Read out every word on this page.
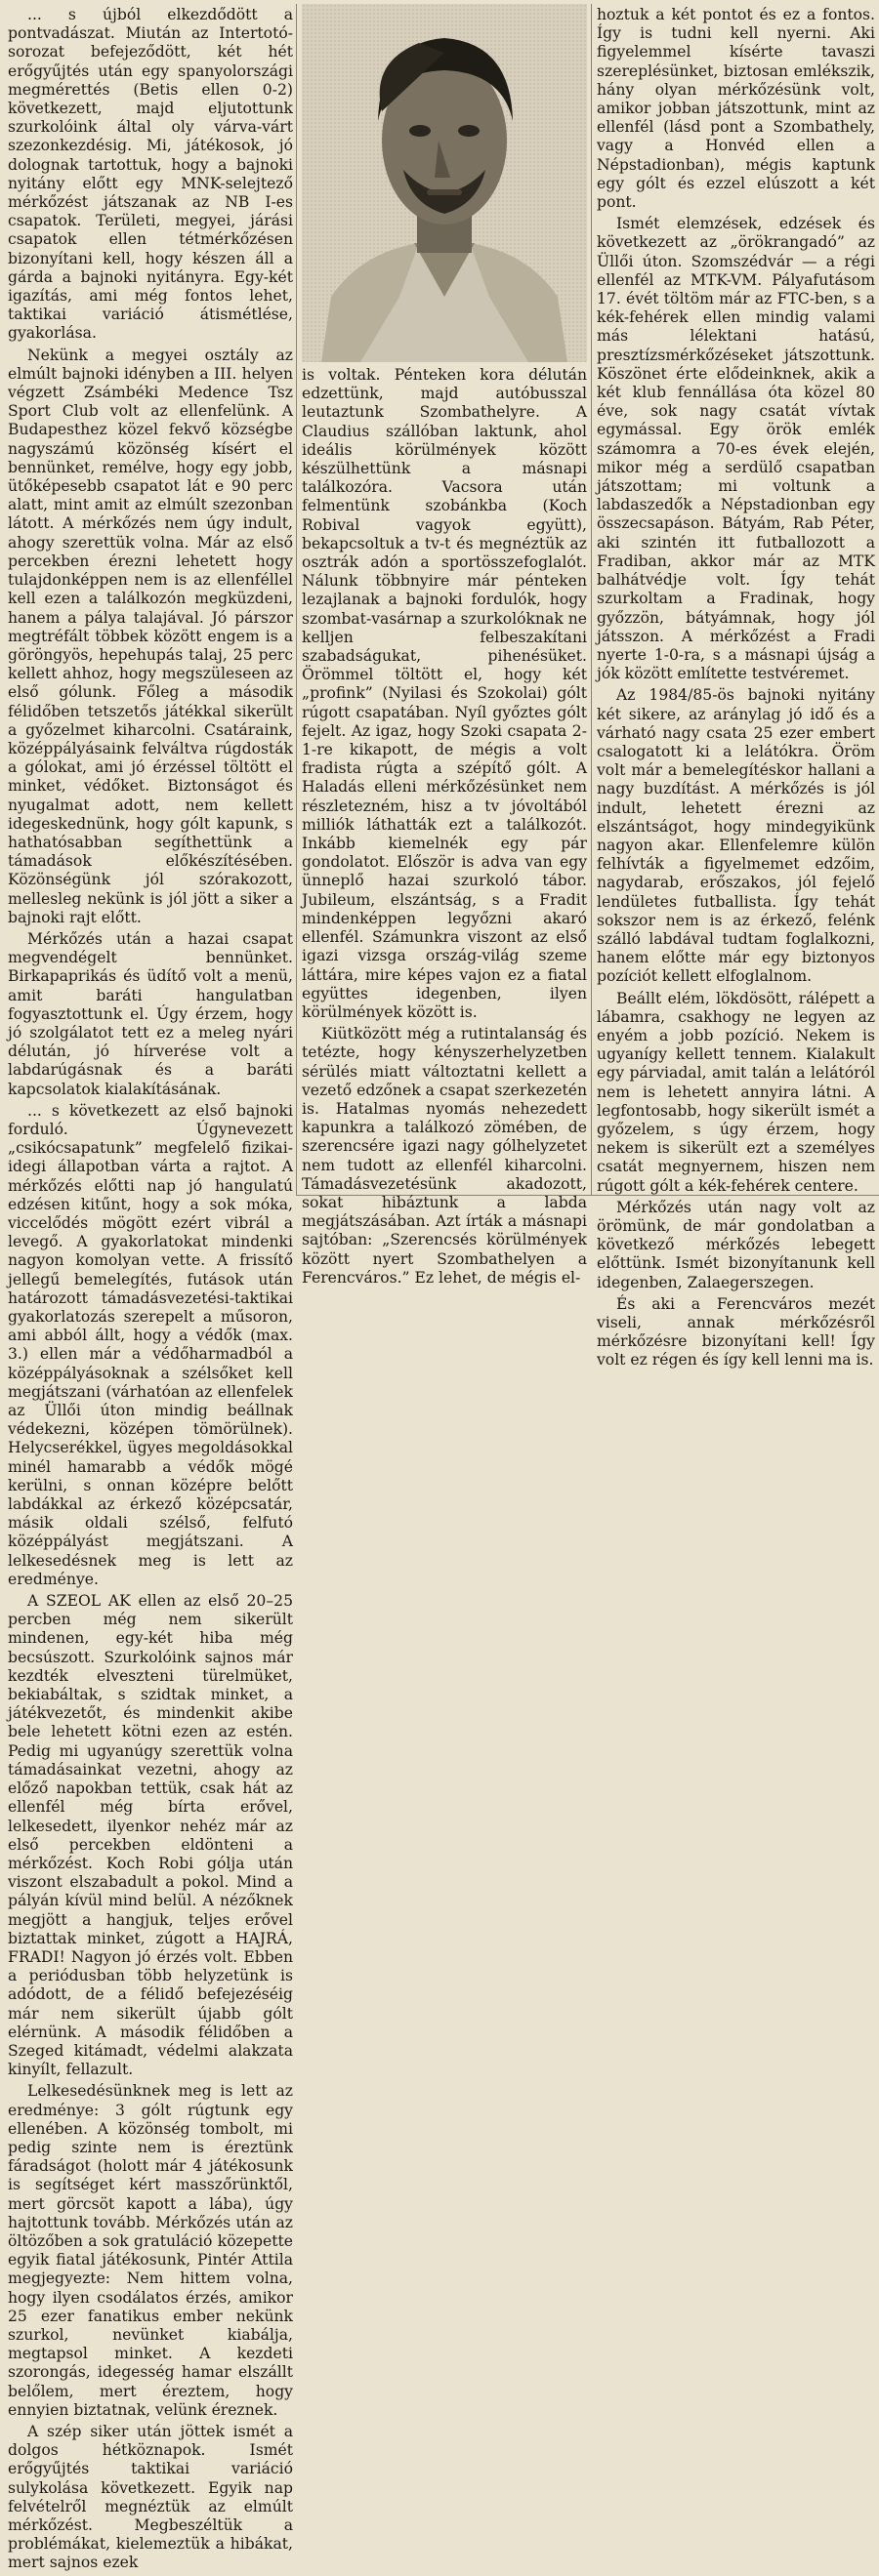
... s újból elkezdődött a pontvadászat. Miután az Intertotó-sorozat befejeződött, két hét erőgyűjtés után egy spanyolországi megmérettés (Betis ellen 0-2) következett, majd eljutottunk szurkolóink által oly várva-várt szezonkezdésig. Mi, játékosok, jó dolognak tartottuk, hogy a bajnoki nyitány előtt egy MNK-selejtező mérkőzést játszanak az NB I-es csapatok. Területi, megyei, járási csapatok ellen tétmérkőzésen bizonyítani kell, hogy készen áll a gárda a bajnoki nyitányra. Egy-két igazítás, ami még fontos lehet, taktikai variáció átismétlése, gyakorlása.

Nekünk a megyei osztály az elmúlt bajnoki idényben a III. helyen végzett Zsámbéki Medence Tsz Sport Club volt az ellenfelünk. A Budapesthez közel fekvő községbe nagyszámú közönség kísért el bennünket, remélve, hogy egy jobb, ütőképesebb csapatot lát e 90 perc alatt, mint amit az elmúlt szezonban látott. A mérkőzés nem úgy indult, ahogy szerettük volna. Már az első percekben érezni lehetett hogy tulajdonképpen nem is az ellenféllel kell ezen a találkozón megküzdeni, hanem a pálya talajával. Jó párszor megtréfált többek között engem is a göröngyös, hepehupás talaj, 25 perc kellett ahhoz, hogy megszüleseen az első gólunk. Főleg a második félidőben tetszetős játékkal sikerült a győzelmet kiharcolni. Csatáraink, középpályásaink felváltva rúgdosták a gólokat, ami jó érzéssel töltött el minket, védőket. Biztonságot és nyugalmat adott, nem kellett idegeskednünk, hogy gólt kapunk, s hathatósabban segíthettünk a támadások előkészítésében. Közönségünk jól szórakozott, mellesleg nekünk is jól jött a siker a bajnoki rajt előtt.

Mérkőzés után a hazai csapat megvendégelt bennünket. Birkapaprikás és üdítő volt a menü, amit baráti hangulatban fogyasztottunk el. Úgy érzem, hogy jó szolgálatot tett ez a meleg nyári délután, jó hírverése volt a labdarúgásnak és a baráti kapcsolatok kialakításának.

... s következett az első bajnoki forduló. Úgynevezett „csikócsapatunk” megfelelő fizikai-idegi állapotban várta a rajtot. A mérkőzés előtti nap jó hangulatú edzésen kitűnt, hogy a sok móka, viccelődés mögött ezért vibrál a levegő. A gyakorlatokat mindenki nagyon komolyan vette. A frissítő jellegű bemelegítés, futások után határozott támadásvezetési-taktikai gyakorlatozás szerepelt a műsoron, ami abból állt, hogy a védők (max. 3.) ellen már a védőharmadból a középpályásoknak a szélsőket kell megjátszani (várhatóan az ellenfelek az Üllői úton mindig beállnak védekezni, középen tömörülnek). Helycserékkel, ügyes megoldásokkal minél hamarabb a védők mögé kerülni, s onnan középre belőtt labdákkal az érkező középcsatár, másik oldali szélső, felfutó középpályást megjátszani. A lelkesedésnek meg is lett az eredménye.

A SZEOL AK ellen az első 20–25 percben még nem sikerült mindenen, egy-két hiba még becsúszott. Szurkolóink sajnos már kezdték elveszteni türelmüket, bekiabáltak, s szidtak minket, a játékvezetőt, és mindenkit akibe bele lehetett kötni ezen az estén. Pedig mi ugyanúgy szerettük volna támadásainkat vezetni, ahogy az előző napokban tettük, csak hát az ellenfél még bírta erővel, lelkesedett, ilyenkor nehéz már az első percekben eldönteni a mérkőzést. Koch Robi gólja után viszont elszabadult a pokol. Mind a pályán kívül mind belül. A nézőknek megjött a hangjuk, teljes erővel biztattak minket, zúgott a HAJRÁ, FRADI! Nagyon jó érzés volt. Ebben a periódusban több helyzetünk is adódott, de a félidő befejezéséig már nem sikerült újabb gólt elérnünk. A második félidőben a Szeged kitámadt, védelmi alakzata kinyílt, fellazult.

Lelkesedésünknek meg is lett az eredménye: 3 gólt rúgtunk egy ellenében. A közönség tombolt, mi pedig szinte nem is éreztünk fáradságot (holott már 4 játékosunk is segítséget kért masszőrünktől, mert görcsöt kapott a lába), úgy hajtottunk tovább. Mérkőzés után az öltözőben a sok gratuláció közepette egyik fiatal játékosunk, Pintér Attila megjegyezte: Nem hittem volna, hogy ilyen csodálatos érzés, amikor 25 ezer fanatikus ember nekünk szurkol, nevünket kiabálja, megtapsol minket. A kezdeti szorongás, idegesség hamar elszállt belőlem, mert éreztem, hogy ennyien biztatnak, velünk éreznek.

A szép siker után jöttek ismét a dolgos hétköznapok. Ismét erőgyűjtés taktikai variáció sulykolása következett. Egyik nap felvételről megnéztük az elmúlt mérkőzést. Megbeszéltük a problémákat, kielemeztük a hibákat, mert sajnos ezek

is voltak. Pénteken kora délután edzettünk, majd autóbusszal leutaztunk Szombathelyre. A Claudius szállóban laktunk, ahol ideális körülmények között készülhettünk a másnapi találkozóra. Vacsora után felmentünk szobánkba (Koch Robival vagyok együtt), bekapcsoltuk a tv-t és megnéztük az osztrák adón a sportösszefoglalót. Nálunk többnyire már pénteken lezajlanak a bajnoki fordulók, hogy szombat-vasárnap a szurkolóknak ne kelljen felbeszakítani szabadságukat, pihenésüket. Örömmel töltött el, hogy két „profink” (Nyilasi és Szokolai) gólt rúgott csapatában. Nyíl győztes gólt fejelt. Az igaz, hogy Szoki csapata 2-1-re kikapott, de mégis a volt fradista rúgta a szépítő gólt. A Haladás elleni mérkőzésünket nem részletezném, hisz a tv jóvoltából milliók láthatták ezt a találkozót. Inkább kiemelnék egy pár gondolatot. Először is adva van egy ünneplő hazai szurkoló tábor. Jubileum, elszántság, s a Fradit mindenképpen legyőzni akaró ellenfél. Számunkra viszont az első igazi vizsga ország-világ szeme láttára, mire képes vajon ez a fiatal együttes idegenben, ilyen körülmények között is.

Kiütközött még a rutintalanság és tetézte, hogy kényszerhelyzetben sérülés miatt változtatni kellett a vezető edzőnek a csapat szerkezetén is. Hatalmas nyomás nehezedett kapunkra a találkozó zömében, de szerencsére igazi nagy gólhelyzetet nem tudott az ellenfél kiharcolni. Támadásvezetésünk akadozott, sokat hibáztunk a labda megjátszásában. Azt írták a másnapi sajtóban: „Szerencsés körülmények között nyert Szombathelyen a Ferencváros.” Ez lehet, de mégis el-

hoztuk a két pontot és ez a fontos. Így is tudni kell nyerni. Aki figyelemmel kísérte tavaszi szereplésünket, biztosan emlékszik, hány olyan mérkőzésünk volt, amikor jobban játszottunk, mint az ellenfél (lásd pont a Szombathely, vagy a Honvéd ellen a Népstadionban), mégis kaptunk egy gólt és ezzel elúszott a két pont.

Ismét elemzések, edzések és következett az „örökrangadó” az Üllői úton. Szomszédvár — a régi ellenfél az MTK-VM. Pályafutásom 17. évét töltöm már az FTC-ben, s a kék-fehérek ellen mindig valami más lélektani hatású, presztízsmérkőzéseket játszottunk. Köszönet érte elődeinknek, akik a két klub fennállása óta közel 80 éve, sok nagy csatát vívtak egymással. Egy örök emlék számomra a 70-es évek elején, mikor még a serdülő csapatban játszottam; mi voltunk a labdaszedők a Népstadionban egy összecsapáson. Bátyám, Rab Péter, aki szintén itt futballozott a Fradiban, akkor már az MTK balhátvédje volt. Így tehát szurkoltam a Fradinak, hogy győzzön, bátyámnak, hogy jól játsszon. A mérkőzést a Fradi nyerte 1-0-ra, s a másnapi újság a jók között említette testvéremet.

Az 1984/85-ös bajnoki nyitány két sikere, az aránylag jó idő és a várható nagy csata 25 ezer embert csalogatott ki a lelátókra. Öröm volt már a bemelegítéskor hallani a nagy buzdítást. A mérkőzés is jól indult, lehetett érezni az elszántságot, hogy mindegyikünk nagyon akar. Ellenfelemre külön felhívták a figyelmemet edzőim, nagydarab, erőszakos, jól fejelő lendületes futballista. Így tehát sokszor nem is az érkező, felénk szálló labdával tudtam foglalkozni, hanem előtte már egy biztonyos pozíciót kellett elfoglalnom.

Beállt elém, lökdösött, rálépett a lábamra, csakhogy ne legyen az enyém a jobb pozíció. Nekem is ugyanígy kellett tennem. Kialakult egy párviadal, amit talán a lelátóról nem is lehetett annyira látni. A legfontosabb, hogy sikerült ismét a győzelem, s úgy érzem, hogy nekem is sikerült ezt a személyes csatát megnyernem, hiszen nem rúgott gólt a kék-fehérek centere.

Mérkőzés után nagy volt az örömünk, de már gondolatban a következő mérkőzés lebegett előttünk. Ismét bizonyítanunk kell idegenben, Zalaegerszegen.

És aki a Ferencváros mezét viseli, annak mérkőzésről mérkőzésre bizonyítani kell! Így volt ez régen és így kell lenni ma is.
